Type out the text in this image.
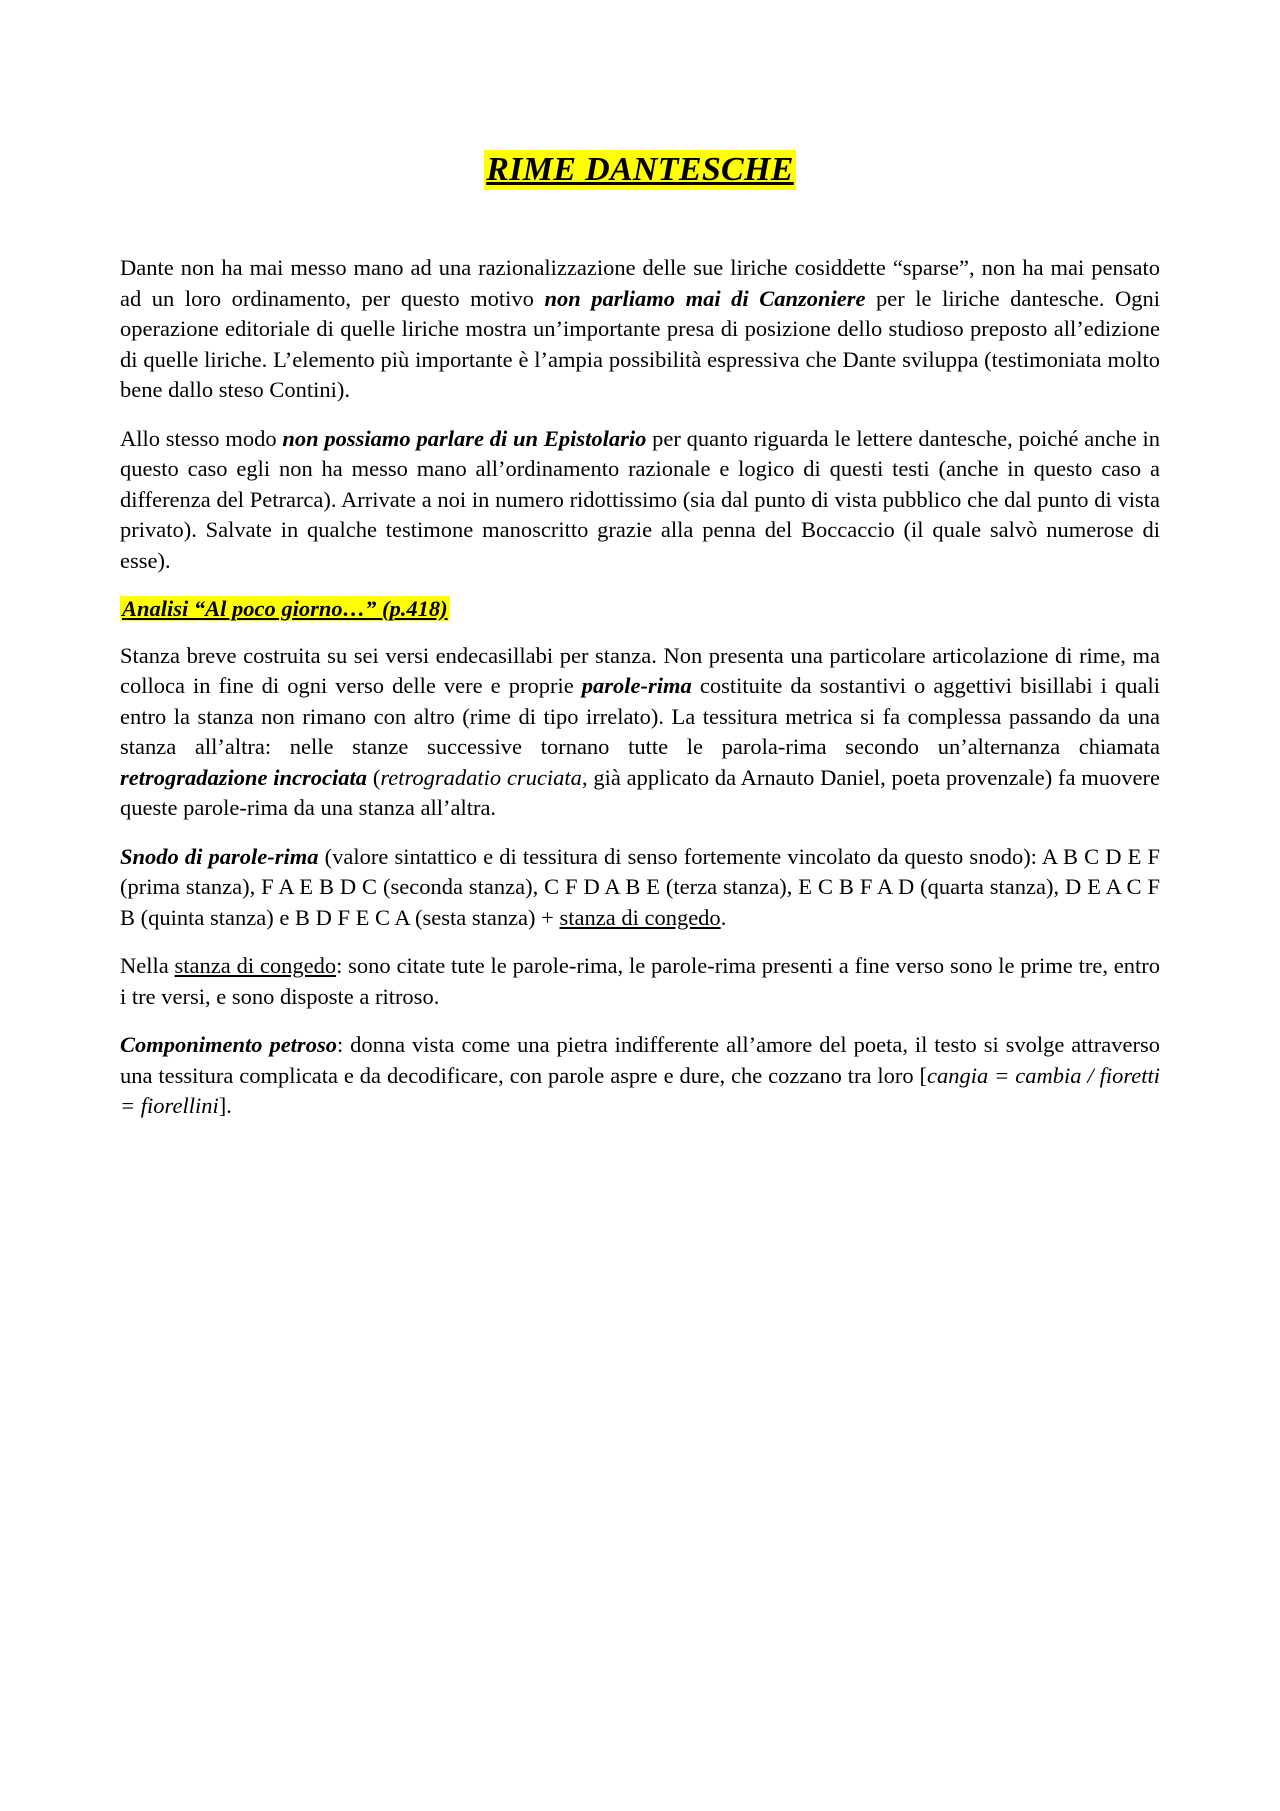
RIME DANTESCHE

Dante non ha mai messo mano ad una razionalizzazione delle sue liriche cosiddette “sparse”, non ha mai pensato ad un loro ordinamento, per questo motivo non parliamo mai di Canzoniere per le liriche dantesche. Ogni operazione editoriale di quelle liriche mostra un’importante presa di posizione dello studioso preposto all’edizione di quelle liriche. L’elemento più importante è l’ampia possibilità espressiva che Dante sviluppa (testimoniata molto bene dallo steso Contini).

Allo stesso modo non possiamo parlare di un Epistolario per quanto riguarda le lettere dantesche, poiché anche in questo caso egli non ha messo mano all’ordinamento razionale e logico di questi testi (anche in questo caso a differenza del Petrarca). Arrivate a noi in numero ridottissimo (sia dal punto di vista pubblico che dal punto di vista privato). Salvate in qualche testimone manoscritto grazie alla penna del Boccaccio (il quale salvò numerose di esse).

Analisi “Al poco giorno…” (p.418)

Stanza breve costruita su sei versi endecasillabi per stanza. Non presenta una particolare articolazione di rime, ma colloca in fine di ogni verso delle vere e proprie parole-rima costituite da sostantivi o aggettivi bisillabi i quali entro la stanza non rimano con altro (rime di tipo irrelato). La tessitura metrica si fa complessa passando da una stanza all’altra: nelle stanze successive tornano tutte le parola-rima secondo un’alternanza chiamata retrogradazione incrociata (retrogradatio cruciata, già applicato da Arnauto Daniel, poeta provenzale) fa muovere queste parole-rima da una stanza all’altra.

Snodo di parole-rima (valore sintattico e di tessitura di senso fortemente vincolato da questo snodo): A B C D E F (prima stanza), F A E B D C (seconda stanza), C F D A B E (terza stanza), E C B F A D (quarta stanza), D E A C F B (quinta stanza) e B D F E C A (sesta stanza) + stanza di congedo.

Nella stanza di congedo: sono citate tute le parole-rima, le parole-rima presenti a fine verso sono le prime tre, entro i tre versi, e sono disposte a ritroso.

Componimento petroso: donna vista come una pietra indifferente all’amore del poeta, il testo si svolge attraverso una tessitura complicata e da decodificare, con parole aspre e dure, che cozzano tra loro [cangia = cambia / fioretti = fiorellini].
